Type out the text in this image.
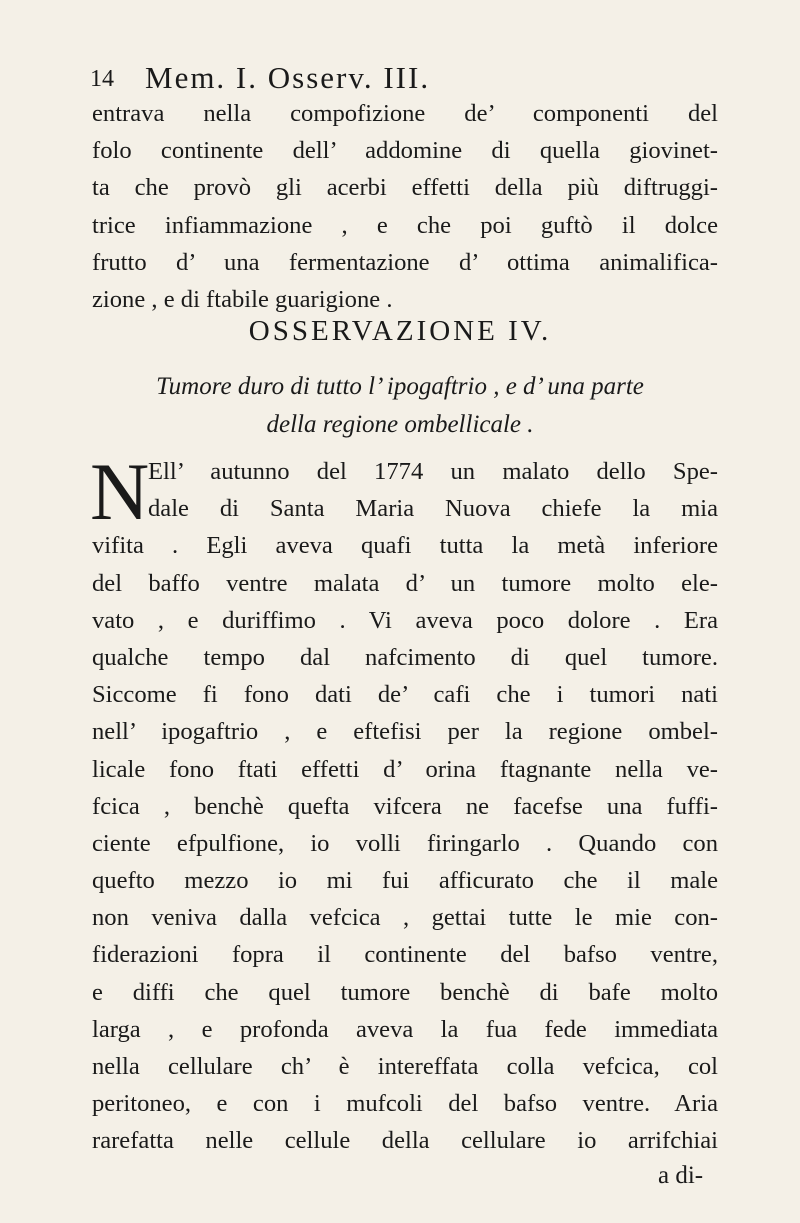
14 Mem. I. Osserv. III.
entrava nella compofizione de’ componenti del
folo continente dell’ addomine di quella giovinet-
ta che provò gli acerbi effetti della più diftruggi-
trice infiammazione , e che poi guftò il dolce
frutto d’ una fermentazione d’ ottima animalifica-
zione , e di ftabile guarigione .
OSSERVAZIONE IV.
Tumore duro di tutto l’ ipogaftrio , e d’ una parte
della regione ombellicale .
N
Ell’ autunno del 1774 un malato dello Spe-
dale di Santa Maria Nuova chiefe la mia
vifita . Egli aveva quafi tutta la metà inferiore
del baffo ventre malata d’ un tumore molto ele-
vato , e duriffimo . Vi aveva poco dolore . Era
qualche tempo dal nafcimento di quel tumore.
Siccome fi fono dati de’ cafi che i tumori nati
nell’ ipogaftrio , e eftefisi per la regione ombel-
licale fono ftati effetti d’ orina ftagnante nella ve-
fcica , benchè quefta vifcera ne facefse una fuffi-
ciente efpulfione, io volli firingarlo . Quando con
quefto mezzo io mi fui afficurato che il male
non veniva dalla vefcica , gettai tutte le mie con-
fiderazioni fopra il continente del bafso ventre,
e diffi che quel tumore benchè di bafe molto
larga , e profonda aveva la fua fede immediata
nella cellulare ch’ è intereffata colla vefcica, col
peritoneo, e con i mufcoli del bafso ventre. Aria
rarefatta nelle cellule della cellulare io arrifchiai
a di-
